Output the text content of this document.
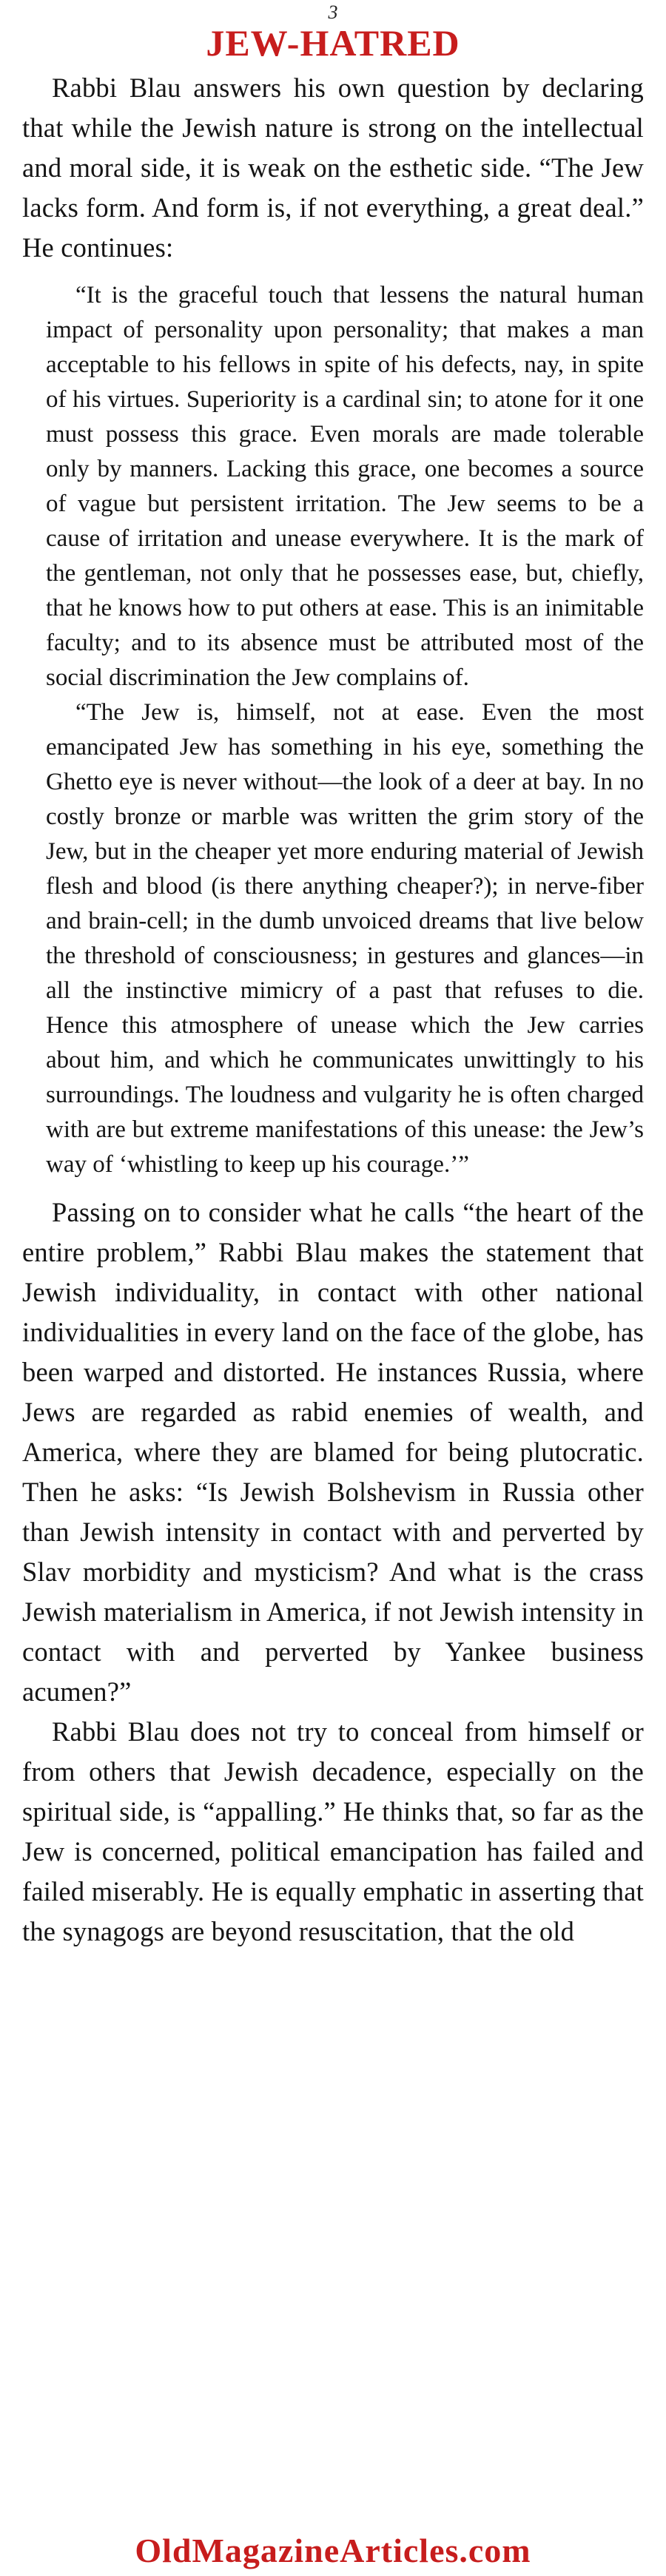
3
JEW-HATRED

Rabbi Blau answers his own question by declaring that while the Jewish nature is strong on the intellectual and moral side, it is weak on the esthetic side. “The Jew lacks form. And form is, if not everything, a great deal.” He continues:

“It is the graceful touch that lessens the natural human impact of personality upon personality; that makes a man acceptable to his fellows in spite of his defects, nay, in spite of his virtues. Superiority is a cardinal sin; to atone for it one must possess this grace. Even morals are made tolerable only by manners. Lacking this grace, one becomes a source of vague but persistent irritation. The Jew seems to be a cause of irritation and unease everywhere. It is the mark of the gentleman, not only that he possesses ease, but, chiefly, that he knows how to put others at ease. This is an inimitable faculty; and to its absence must be attributed most of the social discrimination the Jew complains of.

“The Jew is, himself, not at ease. Even the most emancipated Jew has something in his eye, something the Ghetto eye is never without—the look of a deer at bay. In no costly bronze or marble was written the grim story of the Jew, but in the cheaper yet more enduring material of Jewish flesh and blood (is there anything cheaper?); in nerve-fiber and brain-cell; in the dumb unvoiced dreams that live below the threshold of consciousness; in gestures and glances—in all the instinctive mimicry of a past that refuses to die. Hence this atmosphere of unease which the Jew carries about him, and which he communicates unwittingly to his surroundings. The loudness and vulgarity he is often charged with are but extreme manifestations of this unease: the Jew’s way of ‘whistling to keep up his courage.’”

Passing on to consider what he calls “the heart of the entire problem,” Rabbi Blau makes the statement that Jewish individuality, in contact with other national individualities in every land on the face of the globe, has been warped and distorted. He instances Russia, where Jews are regarded as rabid enemies of wealth, and America, where they are blamed for being plutocratic. Then he asks: “Is Jewish Bolshevism in Russia other than Jewish intensity in contact with and perverted by Slav morbidity and mysticism? And what is the crass Jewish materialism in America, if not Jewish intensity in contact with and perverted by Yankee business acumen?”

Rabbi Blau does not try to conceal from himself or from others that Jewish decadence, especially on the spiritual side, is “appalling.” He thinks that, so far as the Jew is concerned, political emancipation has failed and failed miserably. He is equally emphatic in asserting that the synagogs are beyond resuscitation, that the old

OldMagazineArticles.com
